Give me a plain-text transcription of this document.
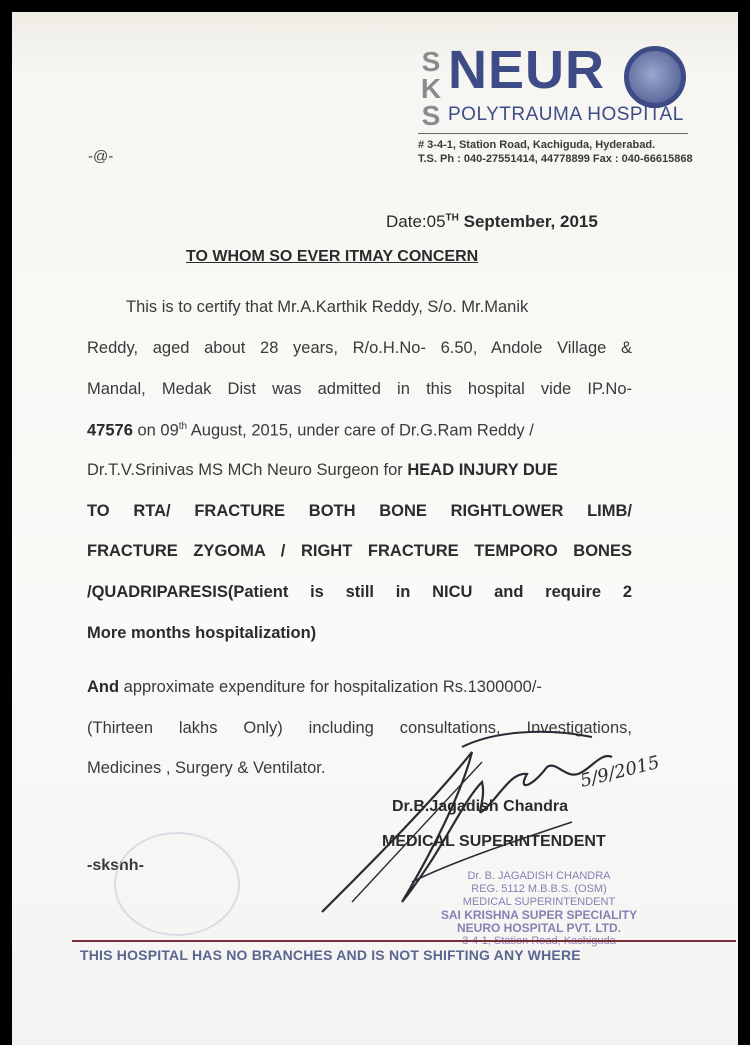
S
K
S
NEUR
POLYTRAUMA HOSPITAL
# 3-4-1, Station Road, Kachiguda, Hyderabad.
T.S. Ph : 040-27551414, 44778899 Fax : 040-66615868
-@-
Date:05TH September, 2015
TO WHOM SO EVER ITMAY CONCERN
This is to certify that Mr.A.Karthik Reddy, S/o. Mr.Manik
Reddy, aged about 28 years, R/o.H.No- 6.50, Andole Village &
Mandal, Medak Dist was admitted in this hospital vide IP.No-
47576 on 09th August, 2015, under care of Dr.G.Ram Reddy /
Dr.T.V.Srinivas MS MCh Neuro Surgeon for HEAD INJURY DUE
TO RTA/ FRACTURE BOTH BONE RIGHTLOWER LIMB/
FRACTURE ZYGOMA / RIGHT FRACTURE TEMPORO BONES
/QUADRIPARESIS(Patient is still in NICU and require 2
More months hospitalization)
And approximate expenditure for hospitalization Rs.1300000/-
(Thirteen lakhs Only) including consultations, Investigations,
Medicines , Surgery & Ventilator.	5/9/2015
Dr.B.Jagadish Chandra
MEDICAL SUPERINTENDENT
-sksnh-
Dr. B. JAGADISH CHANDRA
REG. 5112 M.B.B.S. (OSM)
MEDICAL SUPERINTENDENT
SAI KRISHNA SUPER SPECIALITY
NEURO HOSPITAL PVT. LTD.
THIS HOSPITAL HAS NO BRANCHES AND IS NOT SHIFTING ANY WHERE
